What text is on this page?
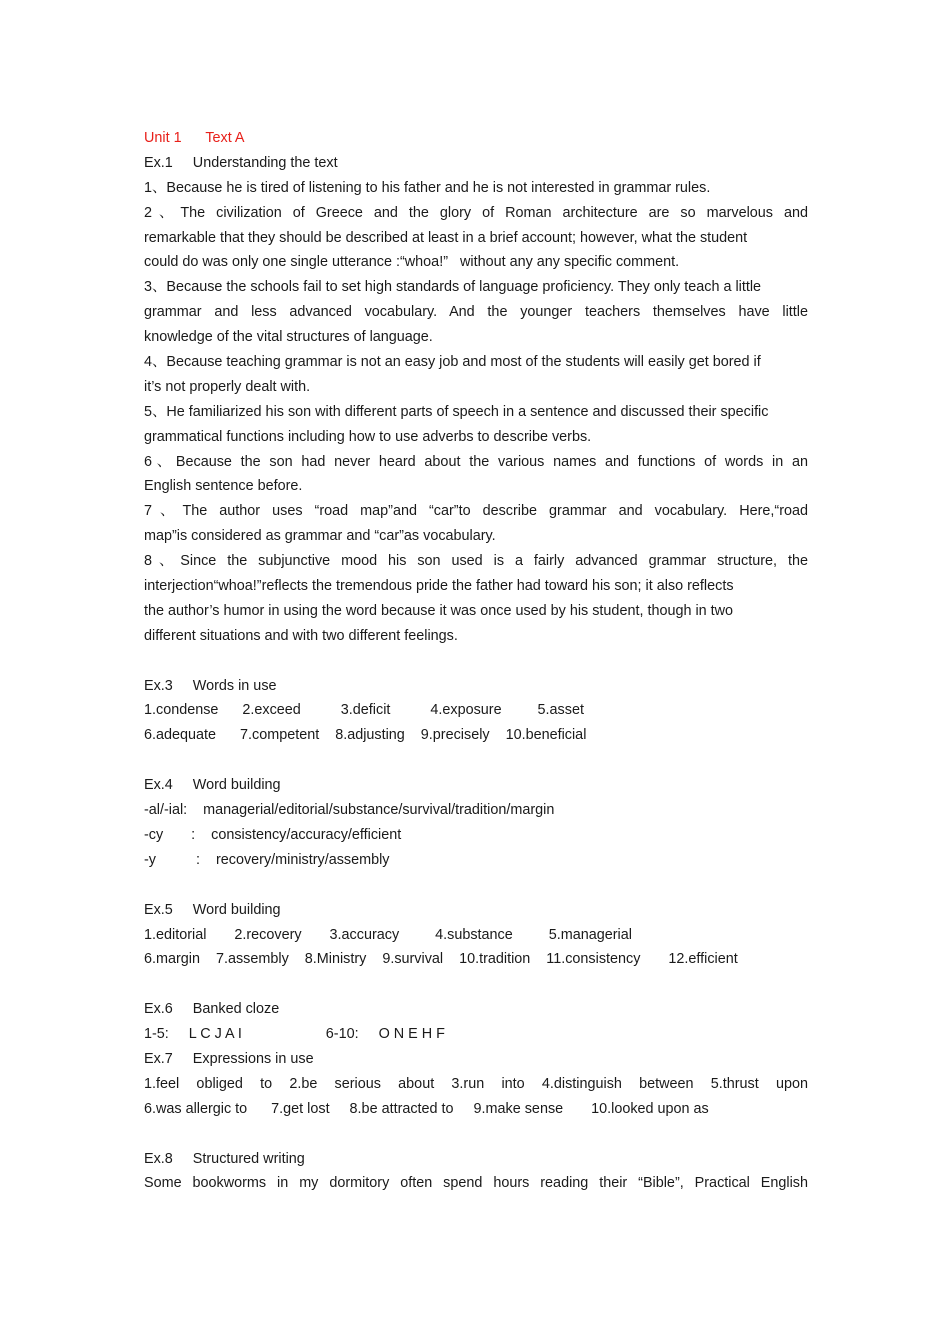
Unit 1 Text A
Ex.1 Understanding the text
1、Because he is tired of listening to his father and he is not interested in grammar rules.
2、The civilization of Greece and the glory of Roman architecture are so marvelous and
remarkable that they should be described at least in a brief account; however, what the student
could do was only one single utterance :“whoa!”   without any any specific comment.
3、Because the schools fail to set high standards of language proficiency. They only teach a little
grammar and less advanced vocabulary. And the younger teachers themselves have little
knowledge of the vital structures of language.
4、Because teaching grammar is not an easy job and most of the students will easily get bored if
it’s not properly dealt with.
5、He familiarized his son with different parts of speech in a sentence and discussed their specific
grammatical functions including how to use adverbs to describe verbs.
6、Because the son had never heard about the various names and functions of words in an
English sentence before.
7、The author uses “road map”and “car”to describe grammar and vocabulary. Here,“road
map”is considered as grammar and “car”as vocabulary.
8、Since the subjunctive mood his son used is a fairly advanced grammar structure, the
interjection“whoa!”reflects the tremendous pride the father had toward his son; it also reflects
the author’s humor in using the word because it was once used by his student, though in two
different situations and with two different feelings.
Ex.3 Words in use
1.condense      2.exceed          3.deficit          4.exposure         5.asset
6.adequate      7.competent    8.adjusting    9.precisely    10.beneficial
Ex.4 Word building
-al/-ial:    managerial/editorial/substance/survival/tradition/margin
-cy       :    consistency/accuracy/efficient
-y          :    recovery/ministry/assembly
Ex.5 Word building
1.editorial       2.recovery       3.accuracy         4.substance         5.managerial
6.margin    7.assembly    8.Ministry    9.survival    10.tradition    11.consistency       12.efficient
Ex.6 Banked cloze
1-5:     L C J A I                     6-10:     O N E H F
Ex.7 Expressions in use
1.feel obliged to 2.be serious about 3.run into 4.distinguish between 5.thrust upon
6.was allergic to      7.get lost     8.be attracted to     9.make sense       10.looked upon as
Ex.8 Structured writing
Some bookworms in my dormitory often spend hours reading their “Bible”, Practical English
